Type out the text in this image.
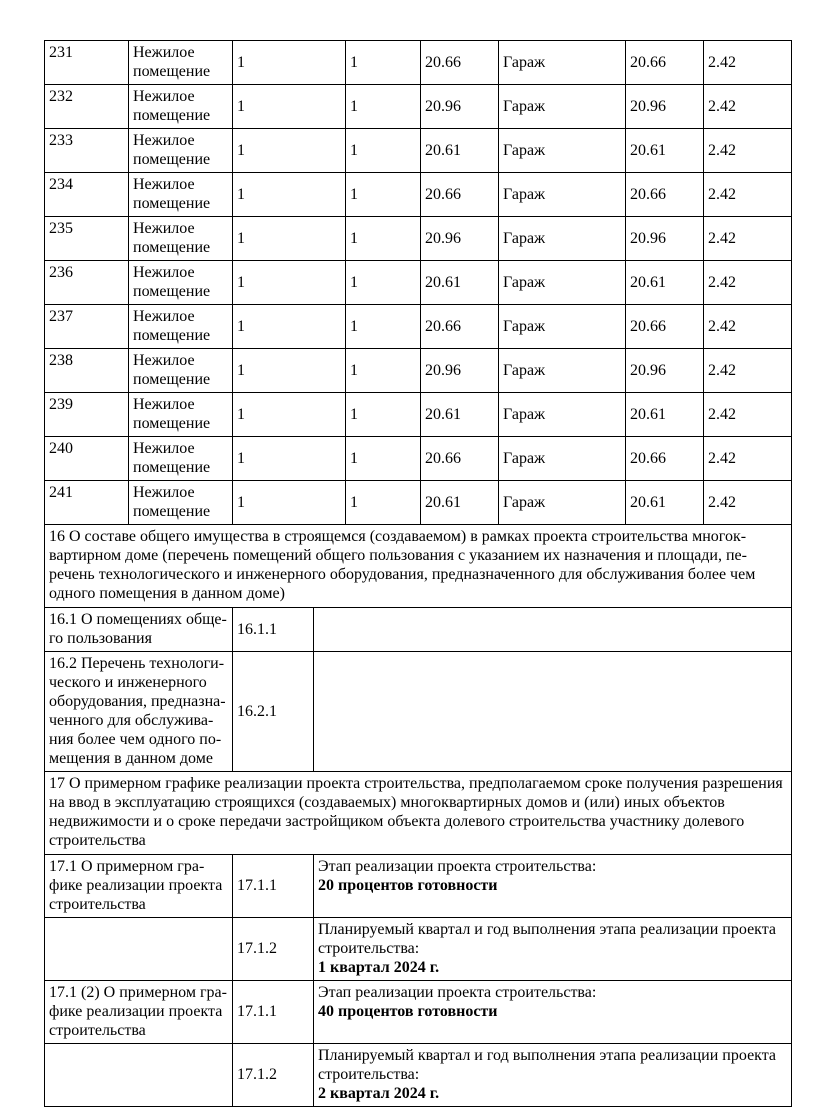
231	Нежилое помещение	1	1	20.66	Гараж	20.66	2.42
232	Нежилое помещение	1	1	20.96	Гараж	20.96	2.42
233	Нежилое помещение	1	1	20.61	Гараж	20.61	2.42
234	Нежилое помещение	1	1	20.66	Гараж	20.66	2.42
235	Нежилое помещение	1	1	20.96	Гараж	20.96	2.42
236	Нежилое помещение	1	1	20.61	Гараж	20.61	2.42
237	Нежилое помещение	1	1	20.66	Гараж	20.66	2.42
238	Нежилое помещение	1	1	20.96	Гараж	20.96	2.42
239	Нежилое помещение	1	1	20.61	Гараж	20.61	2.42
240	Нежилое помещение	1	1	20.66	Гараж	20.66	2.42
241	Нежилое помещение	1	1	20.61	Гараж	20.61	2.42
16 О составе общего имущества в строящемся (создаваемом) в рамках проекта строительства многоквартирном доме (перечень помещений общего пользования с указанием их назначения и площади, перечень технологического и инженерного оборудования, предназначенного для обслуживания более чем одного помещения в данном доме)		
16.1 О помещениях общего пользования	16.1.1	
16.2 Перечень технологического и инженерного оборудования, предназначенного для обслуживания более чем одного помещения в данном доме	16.2.1	
17 О примерном графике реализации проекта строительства, предполагаемом сроке получения разрешения на ввод в эксплуатацию строящихся (создаваемых) многоквартирных домов и (или) иных объектов недвижимости и о сроке передачи застройщиком объекта долевого строительства участнику долевого строительства		
17.1 О примерном графике реализации проекта строительства	17.1.1	Этап реализации проекта строительства:
20 процентов готовности

	17.1.2	Планируемый квартал и год выполнения этапа реализации проекта строительства:
1 квартал 2024 г.

17.1 (2) О примерном графике реализации проекта строительства	17.1.1	Этап реализации проекта строительства:
40 процентов готовности

	17.1.2	Планируемый квартал и год выполнения этапа реализации проекта строительства:
2 квартал 2024 г.
